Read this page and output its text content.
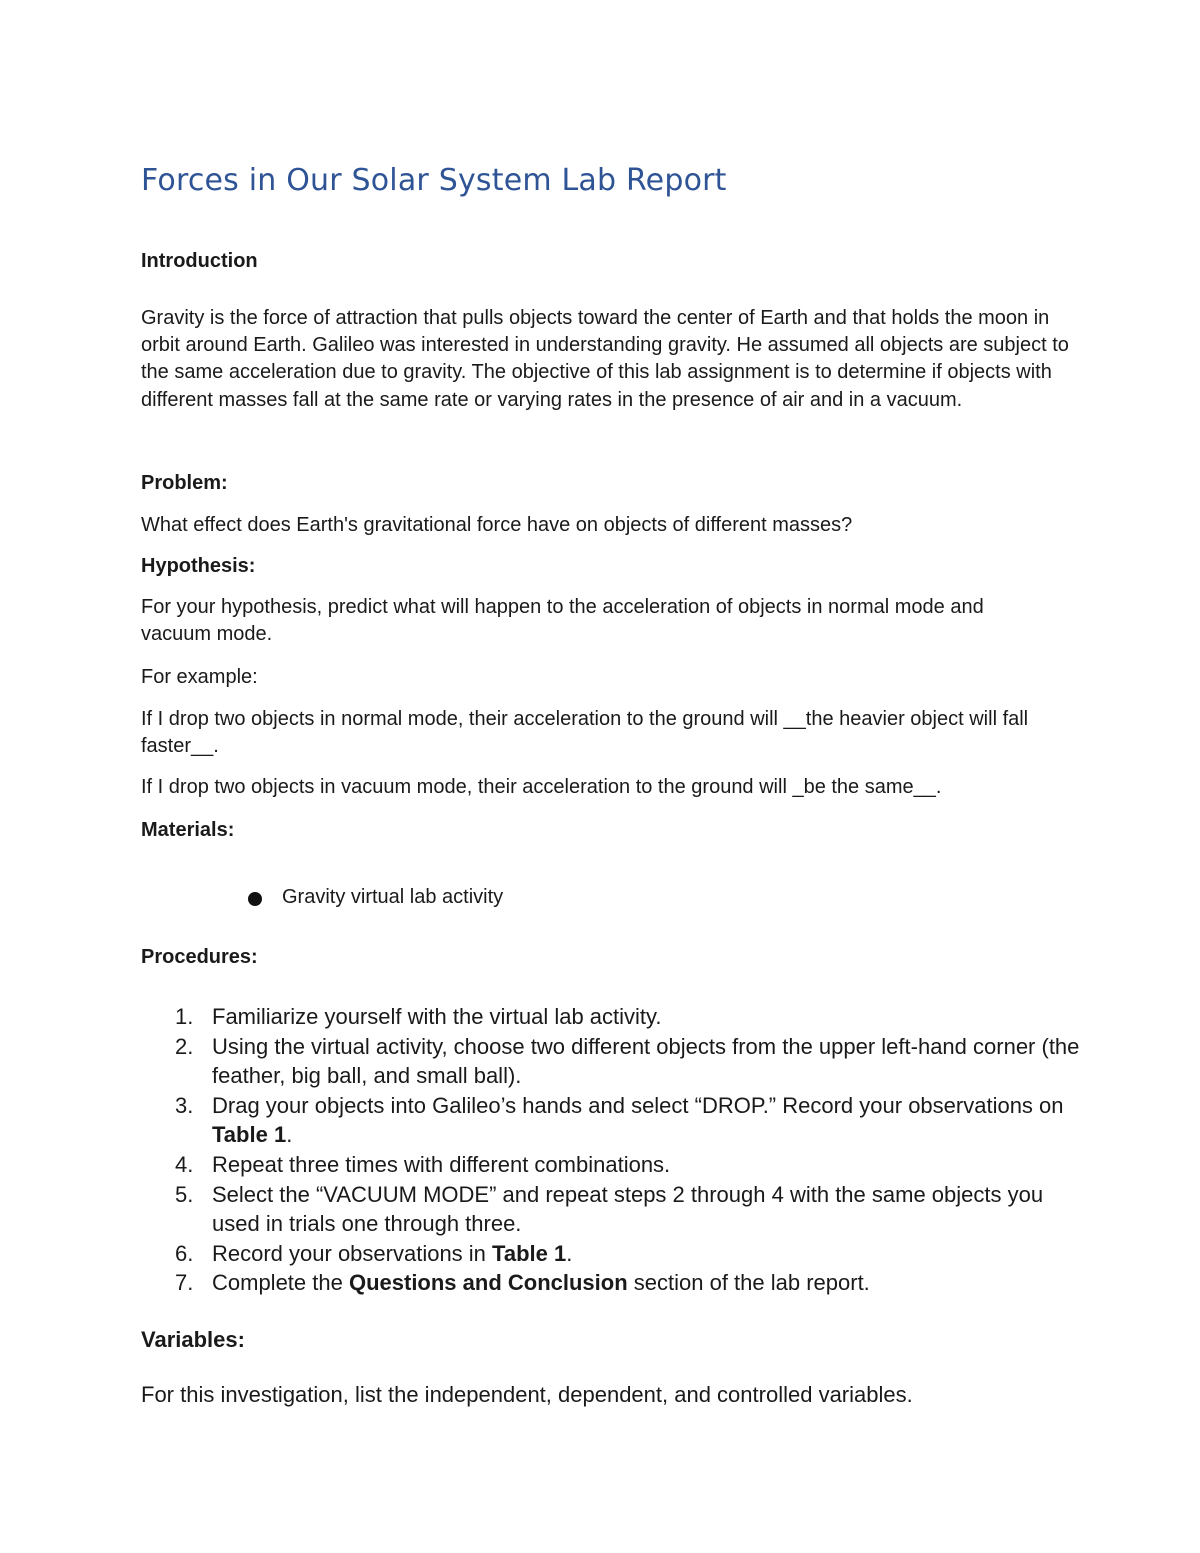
Forces in Our Solar System Lab Report
Introduction

Gravity is the force of attraction that pulls objects toward the center of Earth and that holds the moon in orbit around Earth. Galileo was interested in understanding gravity. He assumed all objects are subject to the same acceleration due to gravity. The objective of this lab assignment is to determine if objects with different masses fall at the same rate or varying rates in the presence of air and in a vacuum.

Problem:

What effect does Earth's gravitational force have on objects of different masses?

Hypothesis:

For your hypothesis, predict what will happen to the acceleration of objects in normal mode and vacuum mode.

For example:

If I drop two objects in normal mode, their acceleration to the ground will __the heavier object will fall faster__.

If I drop two objects in vacuum mode, their acceleration to the ground will _be the same__.

Materials:
Gravity virtual lab activity
Procedures:
1. Familiarize yourself with the virtual lab activity.
2. Using the virtual activity, choose two different objects from the upper left-hand corner (the feather, big ball, and small ball).
3. Drag your objects into Galileo’s hands and select “DROP.” Record your observations on Table 1.
4. Repeat three times with different combinations.
5. Select the “VACUUM MODE” and repeat steps 2 through 4 with the same objects you used in trials one through three.
6. Record your observations in Table 1.
7. Complete the Questions and Conclusion section of the lab report.
Variables:

For this investigation, list the independent, dependent, and controlled variables.
